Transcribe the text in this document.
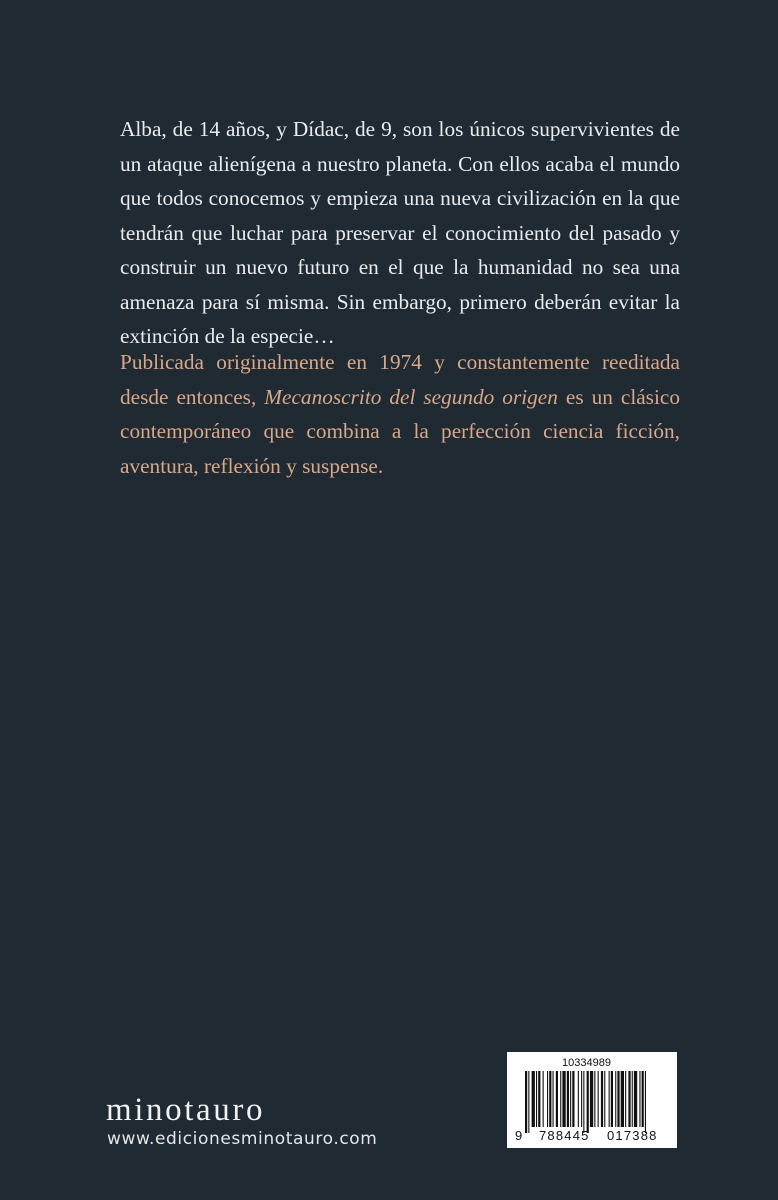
Alba, de 14 años, y Dídac, de 9, son los únicos supervivientes de un ataque alienígena a nuestro planeta. Con ellos acaba el mundo que todos conocemos y empieza una nueva civilización en la que tendrán que luchar para preservar el conocimiento del pasado y construir un nuevo futuro en el que la humanidad no sea una amenaza para sí misma. Sin embargo, primero deberán evitar la extinción de la especie…

Publicada originalmente en 1974 y constantemente reeditada desde entonces, Mecanoscrito del segundo origen es un clásico contemporáneo que combina a la perfección ciencia ficción, aventura, reflexión y suspense.

minotauro
www.edicionesminotauro.com
10334989
9 788445 017388
